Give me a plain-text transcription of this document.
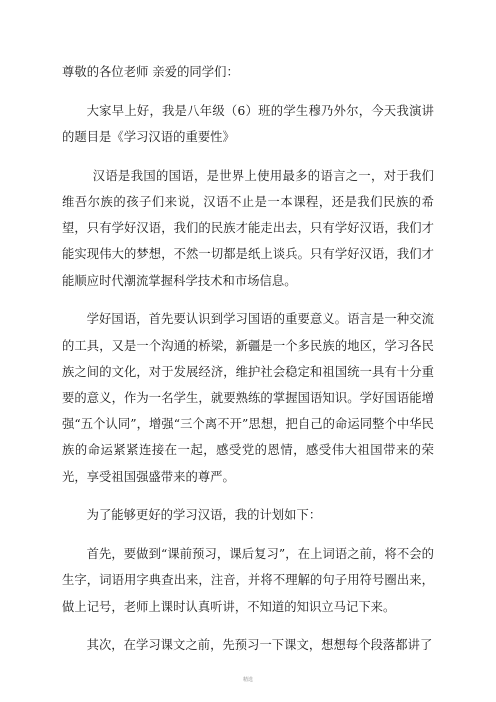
尊敬的各位老师 亲爱的同学们：

大家早上好，我是八年级（6）班的学生穆乃外尔，今天我演讲的题目是《学习汉语的重要性》

汉语是我国的国语，是世界上使用最多的语言之一，对于我们维吾尔族的孩子们来说，汉语不止是一本课程，还是我们民族的希望，只有学好汉语，我们的民族才能走出去，只有学好汉语，我们才能实现伟大的梦想，不然一切都是纸上谈兵。只有学好汉语，我们才能顺应时代潮流掌握科学技术和市场信息。

学好国语，首先要认识到学习国语的重要意义。语言是一种交流的工具，又是一个沟通的桥梁，新疆是一个多民族的地区，学习各民族之间的文化，对于发展经济，维护社会稳定和祖国统一具有十分重要的意义，作为一名学生，就要熟练的掌握国语知识。学好国语能增强“五个认同”，增强“三个离不开”思想，把自己的命运同整个中华民族的命运紧紧连接在一起，感受党的恩情，感受伟大祖国带来的荣光，享受祖国强盛带来的尊严。

为了能够更好的学习汉语，我的计划如下：

首先，要做到“课前预习，课后复习”，在上词语之前，将不会的生字，词语用字典查出来，注音，并将不理解的句子用符号圈出来，做上记号，老师上课时认真听讲，不知道的知识立马记下来。

其次，在学习课文之前，先预习一下课文，想想每个段落都讲了

精选
